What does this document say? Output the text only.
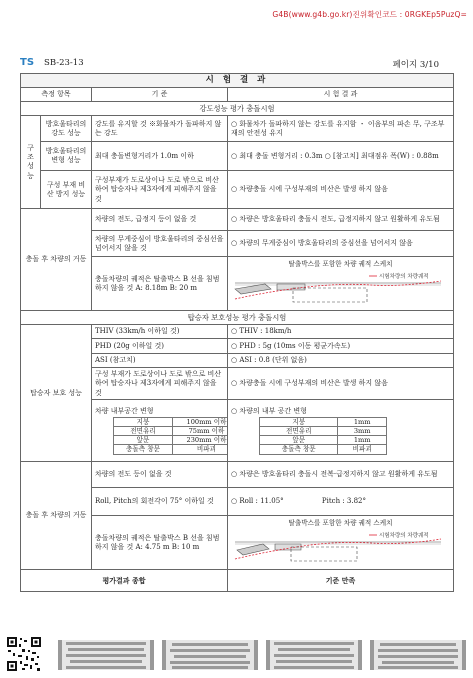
G4B(www.g4b.go.kr)진위확인코드 : 0RGKEp5PuzQ=
TS SB-23-13	페이지 3/10
시 험 결 과
측정 항목	기 준	시 험 결 과
강도성능 평가 충돌시험
구조 성능	방호울타리의 강도 성능	강도를 유지할 것 ※화물차가 돌파하지 않는 강도	○ 화물차가 돌파하지 않는 강도를 유지함 ・ 이음부의 파손 무, 구조부재의 안전성 유지
방호울타리의 변형 성능	최대 충돌변형거리가 1.0m 이하	○ 최대 충돌 변형거리 : 0.3m ○ [참고치] 최대점유 폭(W) : 0.88m
구성 부재 비산 방지 성능	구성부재가 도로상이나 도로 밖으로 비산하여 탑승자나 제3자에게 피해주지 않을 것	○ 차량충돌 시에 구성부재의 비산은 발생 하지 않음
충돌 후 차량의 거동	차량의 전도, 급정지 등이 없을 것	○ 차량은 방호울타리 충돌시 전도, 급정지하지 않고 원활하게 유도됨
차량의 무게중심이 방호울타리의 중심선을 넘어서지 않을 것	○ 차량의 무게중심이 방호울타리의 중심선을 넘어서지 않음
충돌차량의 궤적은 탈출박스 B 선을 침범하지 않을 것 A: 8.18m B: 20 m	
탈출박스를 포함한 차량 궤적 스케치
시험차량의 차량궤적

탑승자 보호성능 평가 충돌시험
탑승자 보호 성능	THIV (33km/h 이하일 것)	○ THIV : 18km/h
PHD (20g 이하일 것)	○ PHD : 5g (10ms 이동 평균가속도)
ASI (참고치)	○ ASI : 0.8 (단위 없음)
구성 부재가 도로상이나 도로 밖으로 비산하여 탑승자나 제3자에게 피해주지 않을 것	○ 차량충돌 시에 구성부재의 비산은 발생 하지 않음

차량 내부공간 변형
지붕	100mm 이하
전면유리	75mm 이하
앞문	230mm 이하
충돌측 창문	비파괴

○ 차량의 내부 공간 변형
지붕	1mm
전면유리	3mm
앞문	1mm
충돌측 창문	비파괴

충돌 후 차량의 거동	차량의 전도 등이 없을 것	○ 차량은 방호울타리 충돌시 전복·급정지하지 않고 원활하게 유도됨
Roll, Pitch의 회전각이 75° 이하일 것	○ Roll : 11.05°	Pitch : 3.82°
충돌차량의 궤적은 탈출박스 B 선을 침범하지 않을 것 A: 4.75 m B: 10 m	
탈출박스를 포함한 차량 궤적 스케치
시험차량의 차량궤적

평가결과 종합	기준 만족
